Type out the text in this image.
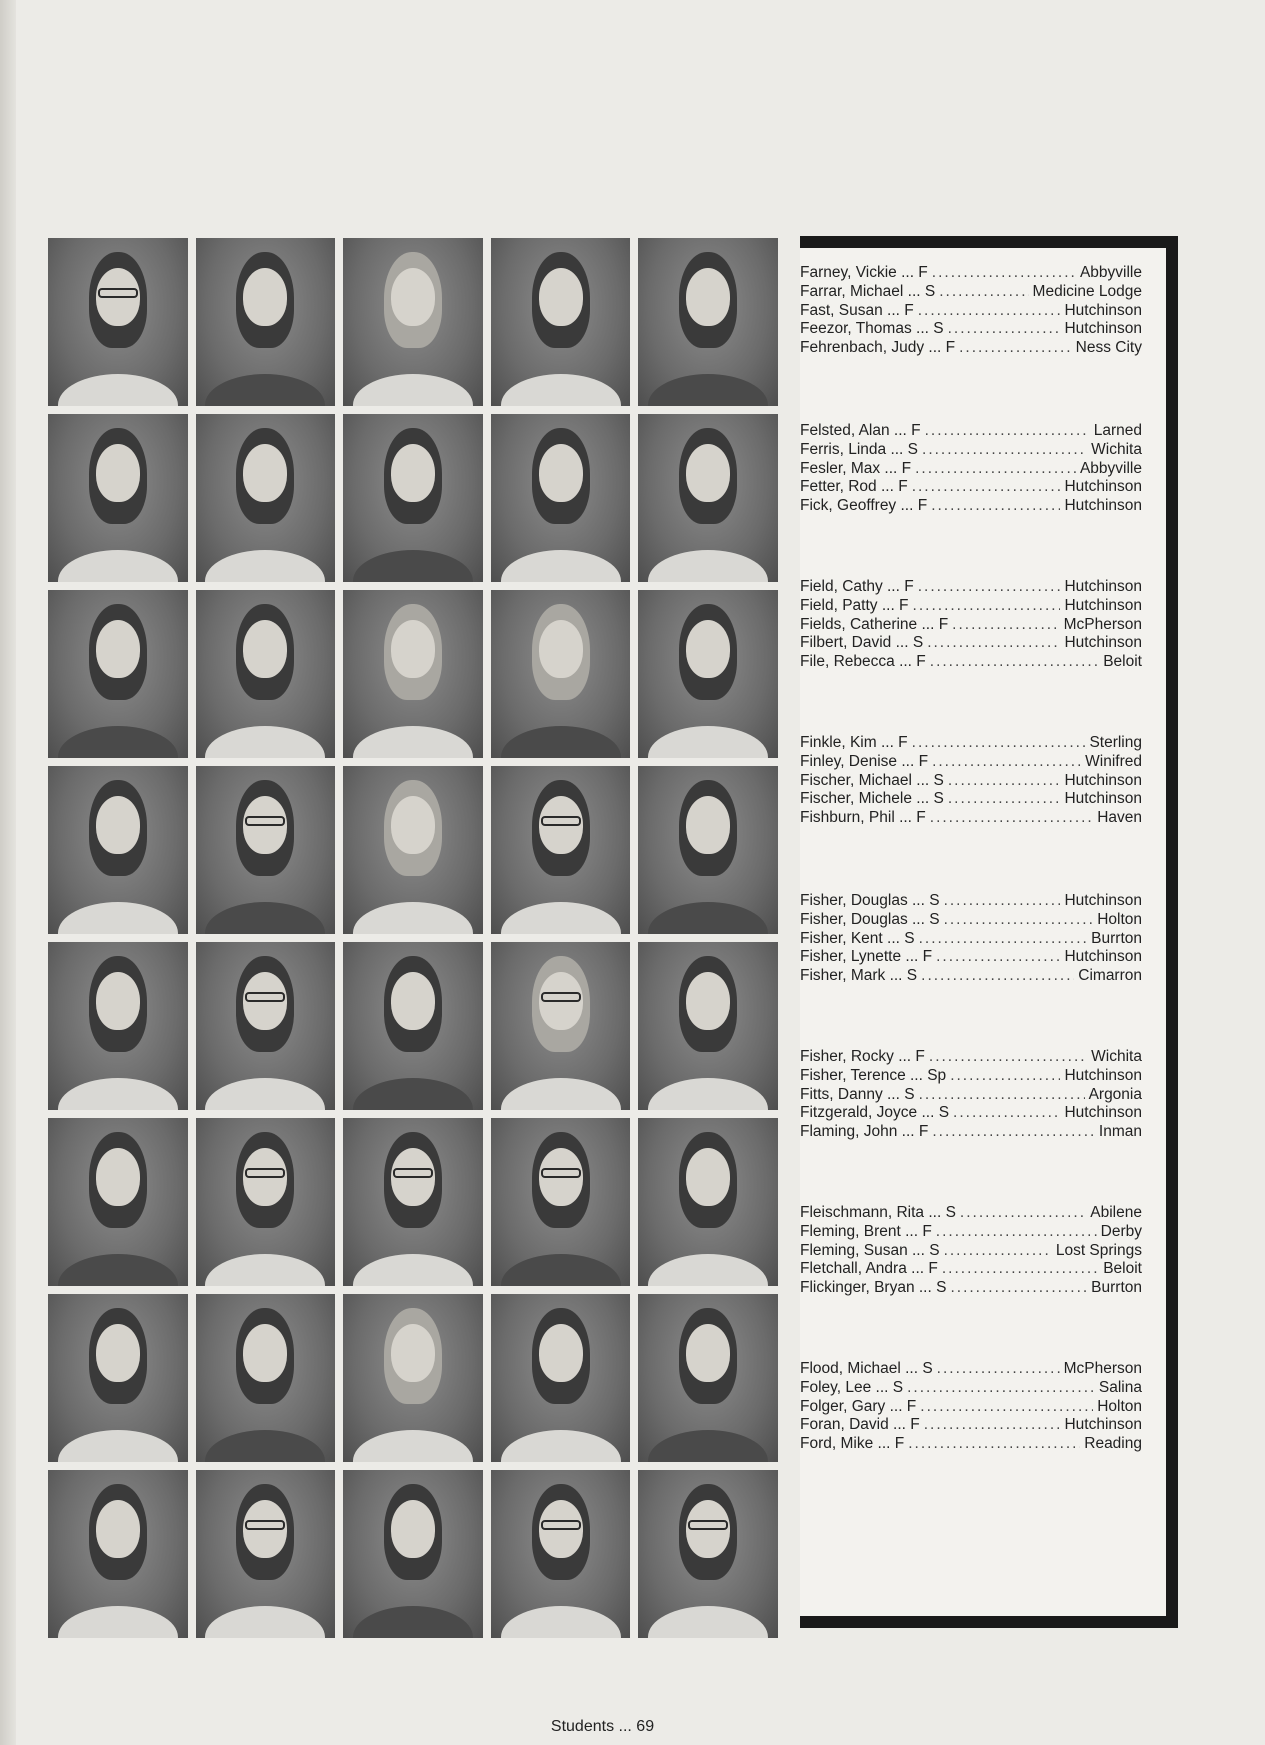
Farney, Vickie ... F .....	Abbyville
Farrar, Michael ... S .....	Medicine Lodge
Fast, Susan ... F .....	Hutchinson
Feezor, Thomas ... S .....	Hutchinson
Fehrenbach, Judy ... F .....	Ness City
Felsted, Alan ... F .....	Larned
Ferris, Linda ... S .....	Wichita
Fesler, Max ... F .....	Abbyville
Fetter, Rod ... F .....	Hutchinson
Fick, Geoffrey ... F .....	Hutchinson
Field, Cathy ... F .....	Hutchinson
Field, Patty ... F .....	Hutchinson
Fields, Catherine ... F .....	McPherson
Filbert, David ... S .....	Hutchinson
File, Rebecca ... F .....	Beloit
Finkle, Kim ... F .....	Sterling
Finley, Denise ... F .....	Winifred
Fischer, Michael ... S .....	Hutchinson
Fischer, Michele ... S .....	Hutchinson
Fishburn, Phil ... F .....	Haven
Fisher, Douglas ... S .....	Hutchinson
Fisher, Douglas ... S .....	Holton
Fisher, Kent ... S .....	Burrton
Fisher, Lynette ... F .....	Hutchinson
Fisher, Mark ... S .....	Cimarron
Fisher, Rocky ... F .....	Wichita
Fisher, Terence ... Sp .....	Hutchinson
Fitts, Danny ... S .....	Argonia
Fitzgerald, Joyce ... S .....	Hutchinson
Flaming, John ... F .....	Inman
Fleischmann, Rita ... S .....	Abilene
Fleming, Brent ... F .....	Derby
Fleming, Susan ... S .....	Lost Springs
Fletchall, Andra ... F .....	Beloit
Flickinger, Bryan ... S .....	Burrton
Flood, Michael ... S .....	McPherson
Foley, Lee ... S .....	Salina
Folger, Gary ... F .....	Holton
Foran, David ... F .....	Hutchinson
Ford, Mike ... F .....	Reading
Students ... 69
